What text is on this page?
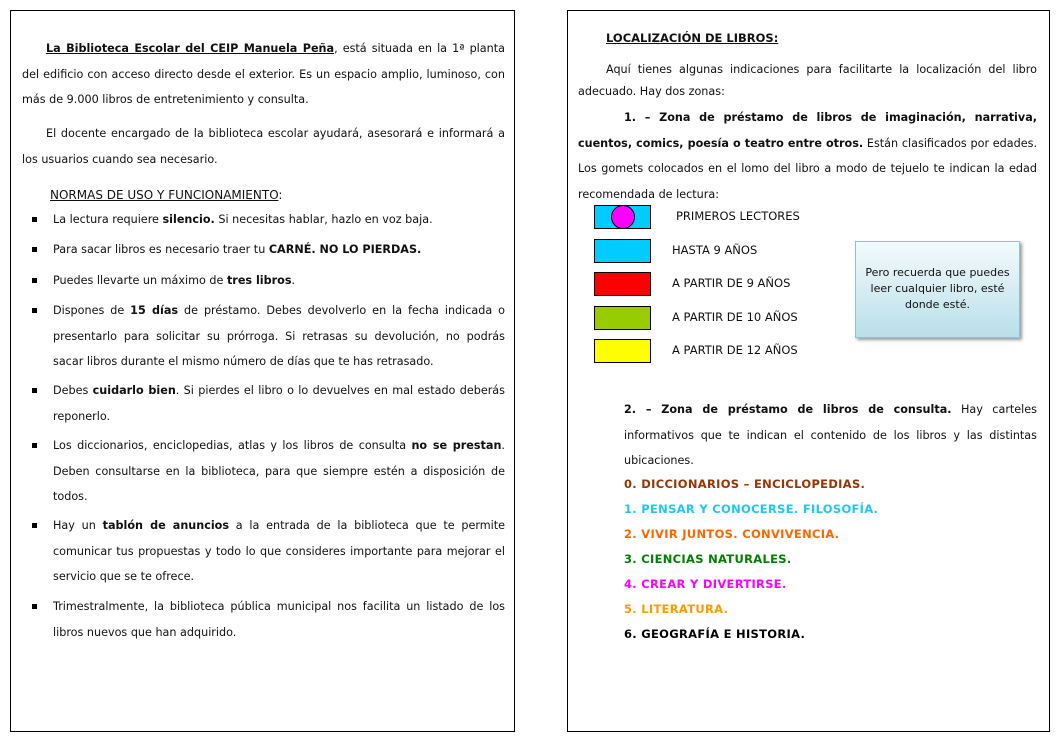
La Biblioteca Escolar del CEIP Manuela Peña, está situada en la 1ª planta del edificio con acceso directo desde el exterior. Es un espacio amplio, luminoso, con más de 9.000 libros de entretenimiento y consulta.
El docente encargado de la biblioteca escolar ayudará, asesorará e informará a los usuarios cuando sea necesario.
NORMAS DE USO Y FUNCIONAMIENTO:
La lectura requiere silencio. Si necesitas hablar, hazlo en voz baja.
Para sacar libros es necesario traer tu CARNÉ. NO LO PIERDAS.
Puedes llevarte un máximo de tres libros.
Dispones de 15 días de préstamo. Debes devolverlo en la fecha indicada o presentarlo para solicitar su prórroga. Si retrasas su devolución, no podrás sacar libros durante el mismo número de días que te has retrasado.
Debes cuidarlo bien. Si pierdes el libro o lo devuelves en mal estado deberás reponerlo.
Los diccionarios, enciclopedias, atlas y los libros de consulta no se prestan. Deben consultarse en la biblioteca, para que siempre estén a disposición de todos.
Hay un tablón de anuncios a la entrada de la biblioteca que te permite comunicar tus propuestas y todo lo que consideres importante para mejorar el servicio que se te ofrece.
Trimestralmente, la biblioteca pública municipal nos facilita un listado de los libros nuevos que han adquirido.
LOCALIZACIÓN DE LIBROS:
Aquí tienes algunas indicaciones para facilitarte la localización del libro adecuado. Hay dos zonas:
1. – Zona de préstamo de libros de imaginación, narrativa, cuentos, comics, poesía o teatro entre otros. Están clasificados por edades. Los gomets colocados en el lomo del libro a modo de tejuelo te indican la edad recomendada de lectura:
PRIMEROS LECTORES
HASTA 9 AÑOS
A PARTIR DE 9 AÑOS
A PARTIR DE 10 AÑOS
A PARTIR DE 12 AÑOS
Pero recuerda que puedes leer cualquier libro, esté donde esté.
2. – Zona de préstamo de libros de consulta. Hay carteles informativos que te indican el contenido de los libros y las distintas ubicaciones.
0. DICCIONARIOS – ENCICLOPEDIAS.
1. PENSAR Y CONOCERSE. FILOSOFÍA.
2. VIVIR JUNTOS. CONVIVENCIA.
3. CIENCIAS NATURALES.
4. CREAR Y DIVERTIRSE.
5. LITERATURA.
6. GEOGRAFÍA E HISTORIA.
